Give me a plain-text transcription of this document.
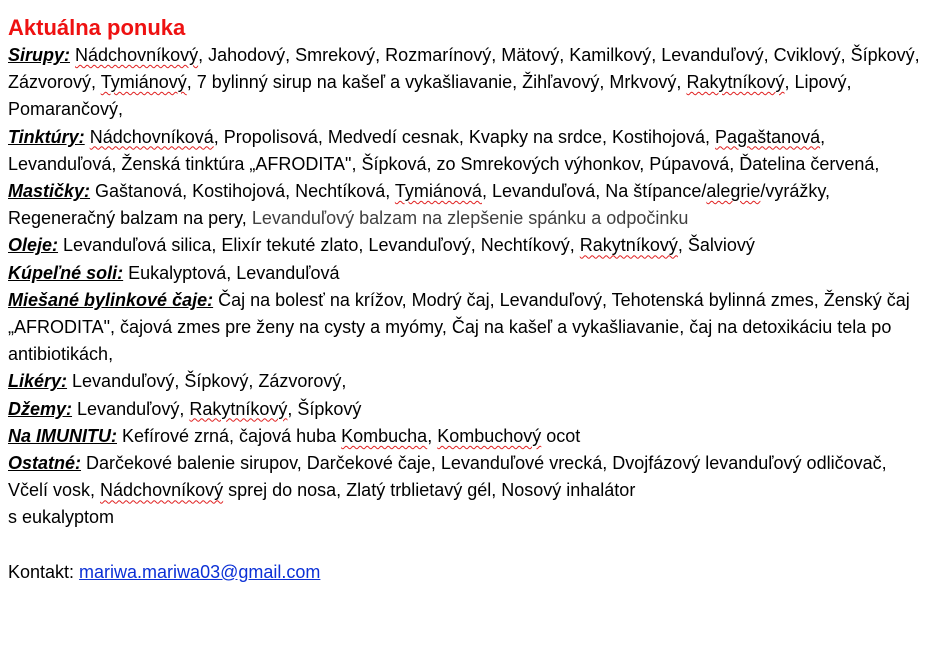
Aktuálna ponuka

Sirupy: Nádchovníkový, Jahodový, Smrekový, Rozmarínový, Mätový, Kamilkový, Levanduľový, Cviklový, Šípkový, Zázvorový, Tymiánový, 7 bylinný sirup na kašeľ a vykašliavanie, Žihľavový, Mrkvový, Rakytníkový, Lipový, Pomarančový,

Tinktúry: Nádchovníková, Propolisová, Medvedí cesnak, Kvapky na srdce, Kostihojová, Pagaštanová, Levanduľová, Ženská tinktúra „AFRODITA", Šípková, zo Smrekových výhonkov, Púpavová, Ďatelina červená,

Mastičky: Gaštanová, Kostihojová, Nechtíková, Tymiánová, Levanduľová, Na štípance/alegrie/vyrážky, Regeneračný balzam na pery, Levanduľový balzam na zlepšenie spánku a odpočinku

Oleje: Levanduľová silica, Elixír tekuté zlato, Levanduľový, Nechtíkový, Rakytníkový, Šalviový

Kúpeľné soli: Eukalyptová, Levanduľová

Miešané bylinkové čaje: Čaj na bolesť na krížov, Modrý čaj, Levanduľový, Tehotenská bylinná zmes, Ženský čaj „AFRODITA", čajová zmes pre ženy na cysty a myómy, Čaj na kašeľ a vykašliavanie, čaj na detoxikáciu tela po antibiotikách,

Likéry: Levanduľový, Šípkový, Zázvorový,

Džemy: Levanduľový, Rakytníkový, Šípkový

Na IMUNITU: Kefírové zrná, čajová huba Kombucha, Kombuchový ocot

Ostatné: Darčekové balenie sirupov, Darčekové čaje, Levanduľové vrecká, Dvojfázový levanduľový odličovač, Včelí vosk, Nádchovníkový sprej do nosa, Zlatý trblietavý gél, Nosový inhalátor
s eukalyptom

Kontakt: mariwa.mariwa03@gmail.com
